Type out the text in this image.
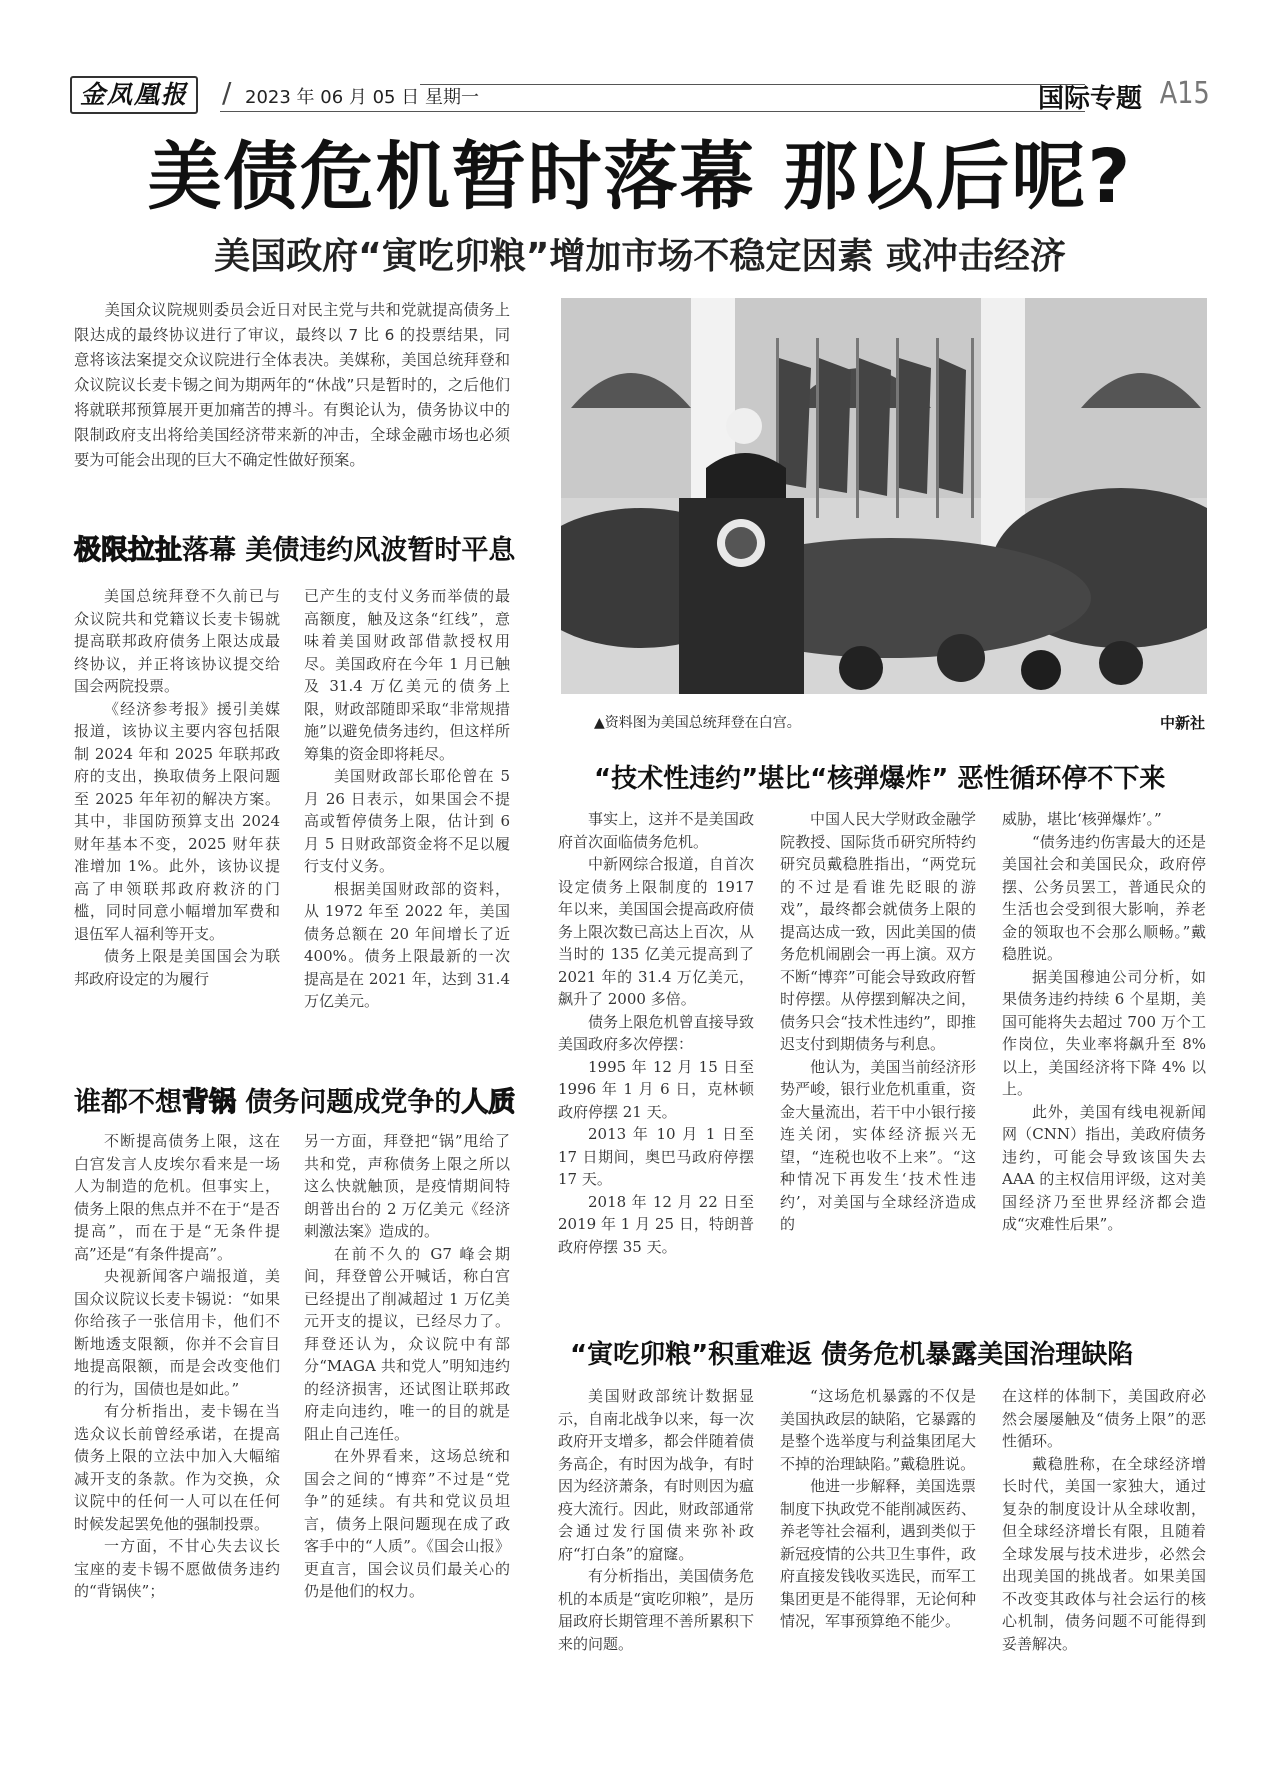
金凤凰报	/ 2023 年 06 月 05 日 星期一	国际专题 A15
美债危机暂时落幕 那以后呢?
美国政府“寅吃卯粮”增加市场不稳定因素 或冲击经济
美国众议院规则委员会近日对民主党与共和党就提高债务上限达成的最终协议进行了审议，最终以 7 比 6 的投票结果，同意将该法案提交众议院进行全体表决。美媒称，美国总统拜登和众议院议长麦卡锡之间为期两年的“休战”只是暂时的，之后他们将就联邦预算展开更加痛苦的搏斗。有舆论认为，债务协议中的限制政府支出将给美国经济带来新的冲击，全球金融市场也必须要为可能会出现的巨大不确定性做好预案。
▲资料图为美国总统拜登在白宫。	中新社
极限拉扯落幕 美债违约风波暂时平息

美国总统拜登不久前已与众议院共和党籍议长麦卡锡就提高联邦政府债务上限达成最终协议，并正将该协议提交给国会两院投票。

《经济参考报》援引美媒报道，该协议主要内容包括限制 2024 年和 2025 年联邦政府的支出，换取债务上限问题至 2025 年年初的解决方案。其中，非国防预算支出 2024 财年基本不变，2025 财年获准增加 1%。此外，该协议提高了申领联邦政府救济的门槛，同时同意小幅增加军费和退伍军人福利等开支。

债务上限是美国国会为联邦政府设定的为履行

已产生的支付义务而举债的最高额度，触及这条“红线”，意味着美国财政部借款授权用尽。美国政府在今年 1 月已触及 31.4 万亿美元的债务上限，财政部随即采取“非常规措施”以避免债务违约，但这样所筹集的资金即将耗尽。

美国财政部长耶伦曾在 5 月 26 日表示，如果国会不提高或暂停债务上限，估计到 6 月 5 日财政部资金将不足以履行支付义务。

根据美国财政部的资料，从 1972 年至 2022 年，美国债务总额在 20 年间增长了近 400%。债务上限最新的一次提高是在 2021 年，达到 31.4 万亿美元。

谁都不想背锅 债务问题成党争的人质

不断提高债务上限，这在白宫发言人皮埃尔看来是一场人为制造的危机。但事实上，债务上限的焦点并不在于“是否提高”，而在于是“无条件提高”还是“有条件提高”。

央视新闻客户端报道，美国众议院议长麦卡锡说：“如果你给孩子一张信用卡，他们不断地透支限额，你并不会盲目地提高限额，而是会改变他们的行为，国债也是如此。”

有分析指出，麦卡锡在当选众议长前曾经承诺，在提高债务上限的立法中加入大幅缩减开支的条款。作为交换，众议院中的任何一人可以在任何时候发起罢免他的强制投票。

一方面，不甘心失去议长宝座的麦卡锡不愿做债务违约的“背锅侠”；

另一方面，拜登把“锅”甩给了共和党，声称债务上限之所以这么快就触顶，是疫情期间特朗普出台的 2 万亿美元《经济刺激法案》造成的。

在前不久的 G7 峰会期间，拜登曾公开喊话，称白宫已经提出了削减超过 1 万亿美元开支的提议，已经尽力了。拜登还认为，众议院中有部分“MAGA 共和党人”明知违约的经济损害，还试图让联邦政府走向违约，唯一的目的就是阻止自己连任。

在外界看来，这场总统和国会之间的“博弈”不过是“党争”的延续。有共和党议员坦言，债务上限问题现在成了政客手中的“人质”。《国会山报》更直言，国会议员们最关心的仍是他们的权力。

“技术性违约”堪比“核弹爆炸” 恶性循环停不下来

事实上，这并不是美国政府首次面临债务危机。

中新网综合报道，自首次设定债务上限制度的 1917 年以来，美国国会提高政府债务上限次数已高达上百次，从当时的 135 亿美元提高到了 2021 年的 31.4 万亿美元，飙升了 2000 多倍。

债务上限危机曾直接导致美国政府多次停摆：

1995 年 12 月 15 日至 1996 年 1 月 6 日，克林顿政府停摆 21 天。

2013 年 10 月 1 日至 17 日期间，奥巴马政府停摆 17 天。

2018 年 12 月 22 日至 2019 年 1 月 25 日，特朗普政府停摆 35 天。

中国人民大学财政金融学院教授、国际货币研究所特约研究员戴稳胜指出，“两党玩的不过是看谁先眨眼的游戏”，最终都会就债务上限的提高达成一致，因此美国的债务危机闹剧会一再上演。双方不断“博弈”可能会导致政府暂时停摆。从停摆到解决之间，债务只会“技术性违约”，即推迟支付到期债务与利息。

他认为，美国当前经济形势严峻，银行业危机重重，资金大量流出，若干中小银行接连关闭，实体经济振兴无望，“连税也收不上来”。“这种情况下再发生‘技术性违约’，对美国与全球经济造成的

威胁，堪比‘核弹爆炸’。”

“债务违约伤害最大的还是美国社会和美国民众，政府停摆、公务员罢工，普通民众的生活也会受到很大影响，养老金的领取也不会那么顺畅。”戴稳胜说。

据美国穆迪公司分析，如果债务违约持续 6 个星期，美国可能将失去超过 700 万个工作岗位，失业率将飙升至 8% 以上，美国经济将下降 4% 以上。

此外，美国有线电视新闻网（CNN）指出，美政府债务违约，可能会导致该国失去 AAA 的主权信用评级，这对美国经济乃至世界经济都会造成“灾难性后果”。

“寅吃卯粮”积重难返 债务危机暴露美国治理缺陷

美国财政部统计数据显示，自南北战争以来，每一次政府开支增多，都会伴随着债务高企，有时因为战争，有时因为经济萧条，有时则因为瘟疫大流行。因此，财政部通常会通过发行国债来弥补政府“打白条”的窟窿。

有分析指出，美国债务危机的本质是“寅吃卯粮”，是历届政府长期管理不善所累积下来的问题。

“这场危机暴露的不仅是美国执政层的缺陷，它暴露的是整个选举度与利益集团尾大不掉的治理缺陷。”戴稳胜说。

他进一步解释，美国选票制度下执政党不能削减医药、养老等社会福利，遇到类似于新冠疫情的公共卫生事件，政府直接发钱收买选民，而军工集团更是不能得罪，无论何种情况，军事预算绝不能少。

在这样的体制下，美国政府必然会屡屡触及“债务上限”的恶性循环。

戴稳胜称，在全球经济增长时代，美国一家独大，通过复杂的制度设计从全球收割，但全球经济增长有限，且随着全球发展与技术进步，必然会出现美国的挑战者。如果美国不改变其政体与社会运行的核心机制，债务问题不可能得到妥善解决。
